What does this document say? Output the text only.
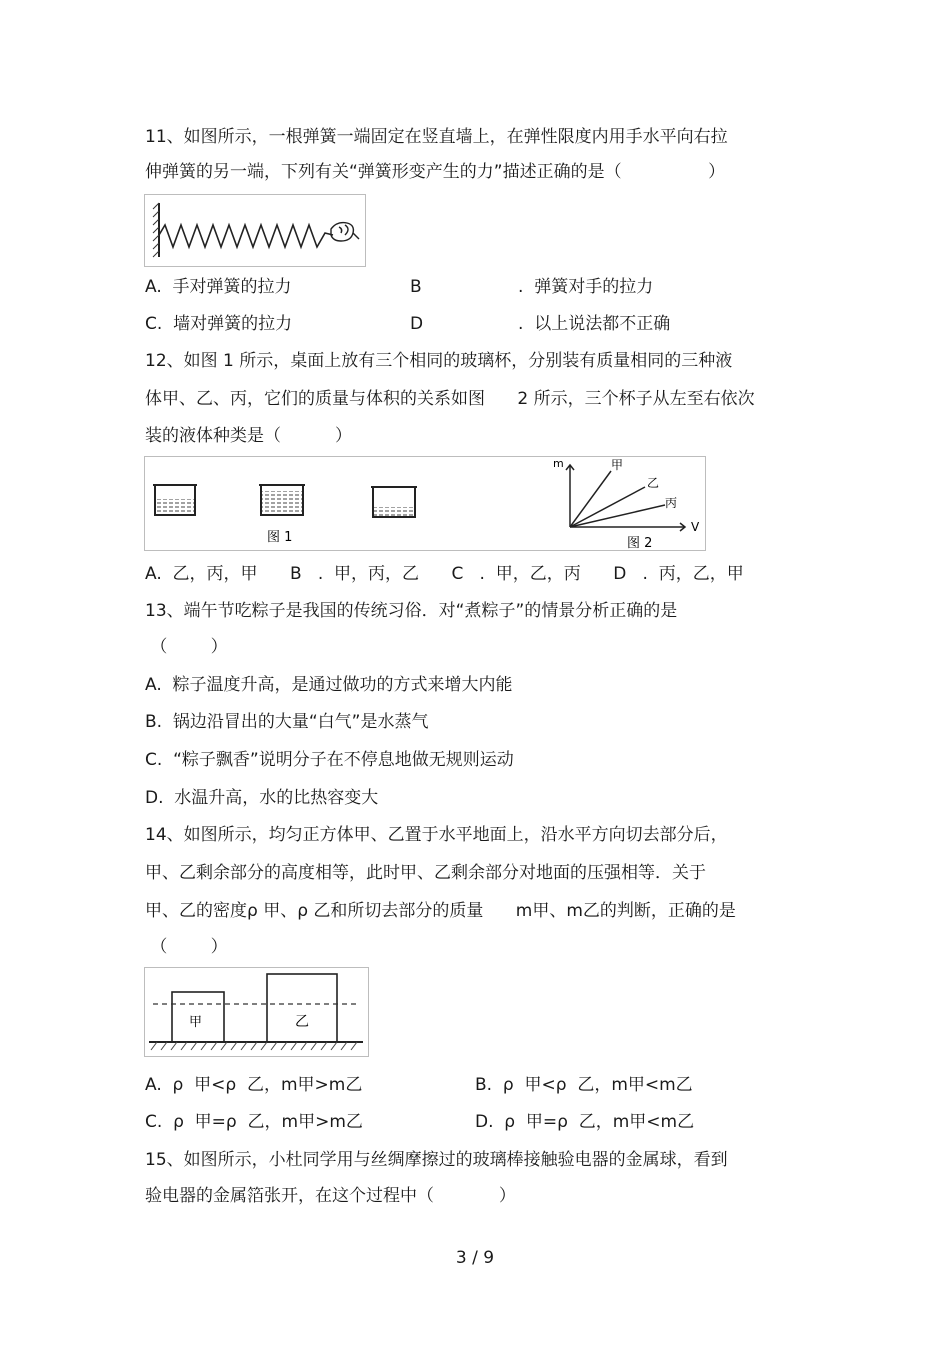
11、如图所示，一根弹簧一端固定在竖直墙上，在弹性限度内用手水平向右拉
伸弹簧的另一端，下列有关“弹簧形变产生的力”描述正确的是（                ）
A.  手对弹簧的拉力	B	.  弹簧对手的拉力
C.  墙对弹簧的拉力	D	.  以上说法都不正确
12、如图 1 所示，桌面上放有三个相同的玻璃杯，分别装有质量相同的三种液
体甲、乙、丙，它们的质量与体积的关系如图      2 所示，三个杯子从左至右依次
装的液体种类是（          ）
图 1
m
V
甲
乙
丙
图 2
A.  乙，丙，甲      B   .  甲，丙，乙      C   .  甲，乙，丙      D   .  丙，乙，甲
13、端午节吃粽子是我国的传统习俗．对“煮粽子”的情景分析正确的是
（        ）
A.  粽子温度升高，是通过做功的方式来增大内能
B.  锅边沿冒出的大量“白气”是水蒸气
C.  “粽子飘香”说明分子在不停息地做无规则运动
D.  水温升高，水的比热容变大
14、如图所示，均匀正方体甲、乙置于水平地面上，沿水平方向切去部分后，
甲、乙剩余部分的高度相等，此时甲、乙剩余部分对地面的压强相等．关于
甲、乙的密度ρ 甲、ρ 乙和所切去部分的质量      m甲、m乙的判断，正确的是
（        ）
甲	乙
A.  ρ  甲<ρ  乙，m甲>m乙	B.  ρ  甲<ρ  乙，m甲<m乙
C.  ρ  甲=ρ  乙，m甲>m乙	D.  ρ  甲=ρ  乙，m甲<m乙
15、如图所示，小杜同学用与丝绸摩擦过的玻璃棒接触验电器的金属球，看到
验电器的金属箔张开，在这个过程中（            ）
3 / 9
